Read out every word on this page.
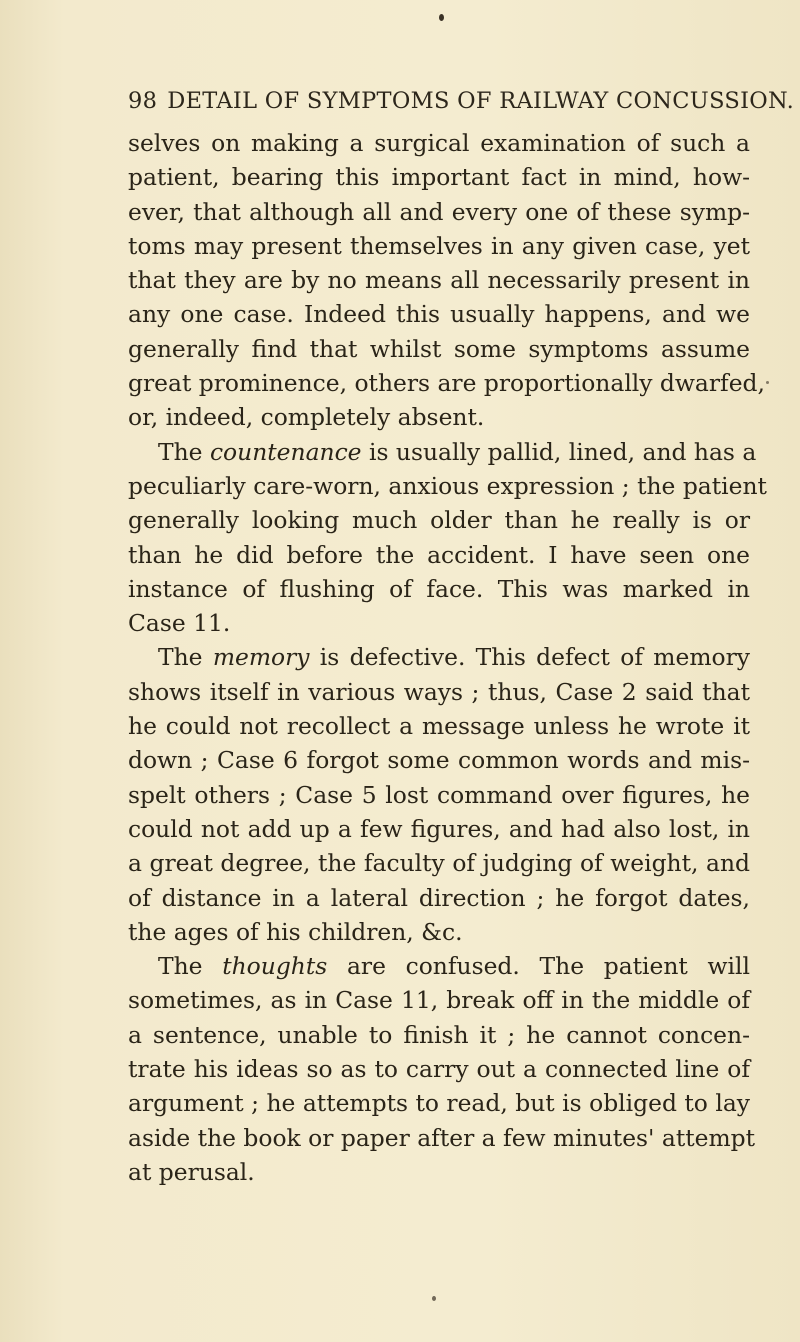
98 DETAIL OF SYMPTOMS OF RAILWAY CONCUSSION.
selves on making a surgical examination of such a
patient, bearing this important fact in mind, how-
ever, that although all and every one of these symp-
toms may present themselves in any given case, yet
that they are by no means all necessarily present in
any one case. Indeed this usually happens, and we
generally find that whilst some symptoms assume
great prominence, others are proportionally dwarfed,
or, indeed, completely absent.
The countenance is usually pallid, lined, and has a
peculiarly care-worn, anxious expression ; the patient
generally looking much older than he really is or
than he did before the accident. I have seen one
instance of flushing of face. This was marked in
Case 11.
The memory is defective. This defect of memory
shows itself in various ways ; thus, Case 2 said that
he could not recollect a message unless he wrote it
down ; Case 6 forgot some common words and mis-
spelt others ; Case 5 lost command over figures, he
could not add up a few figures, and had also lost, in
a great degree, the faculty of judging of weight, and
of distance in a lateral direction ; he forgot dates,
the ages of his children, &c.
The thoughts are confused. The patient will
sometimes, as in Case 11, break off in the middle of
a sentence, unable to finish it ; he cannot concen-
trate his ideas so as to carry out a connected line of
argument ; he attempts to read, but is obliged to lay
aside the book or paper after a few minutes' attempt
at perusal.
